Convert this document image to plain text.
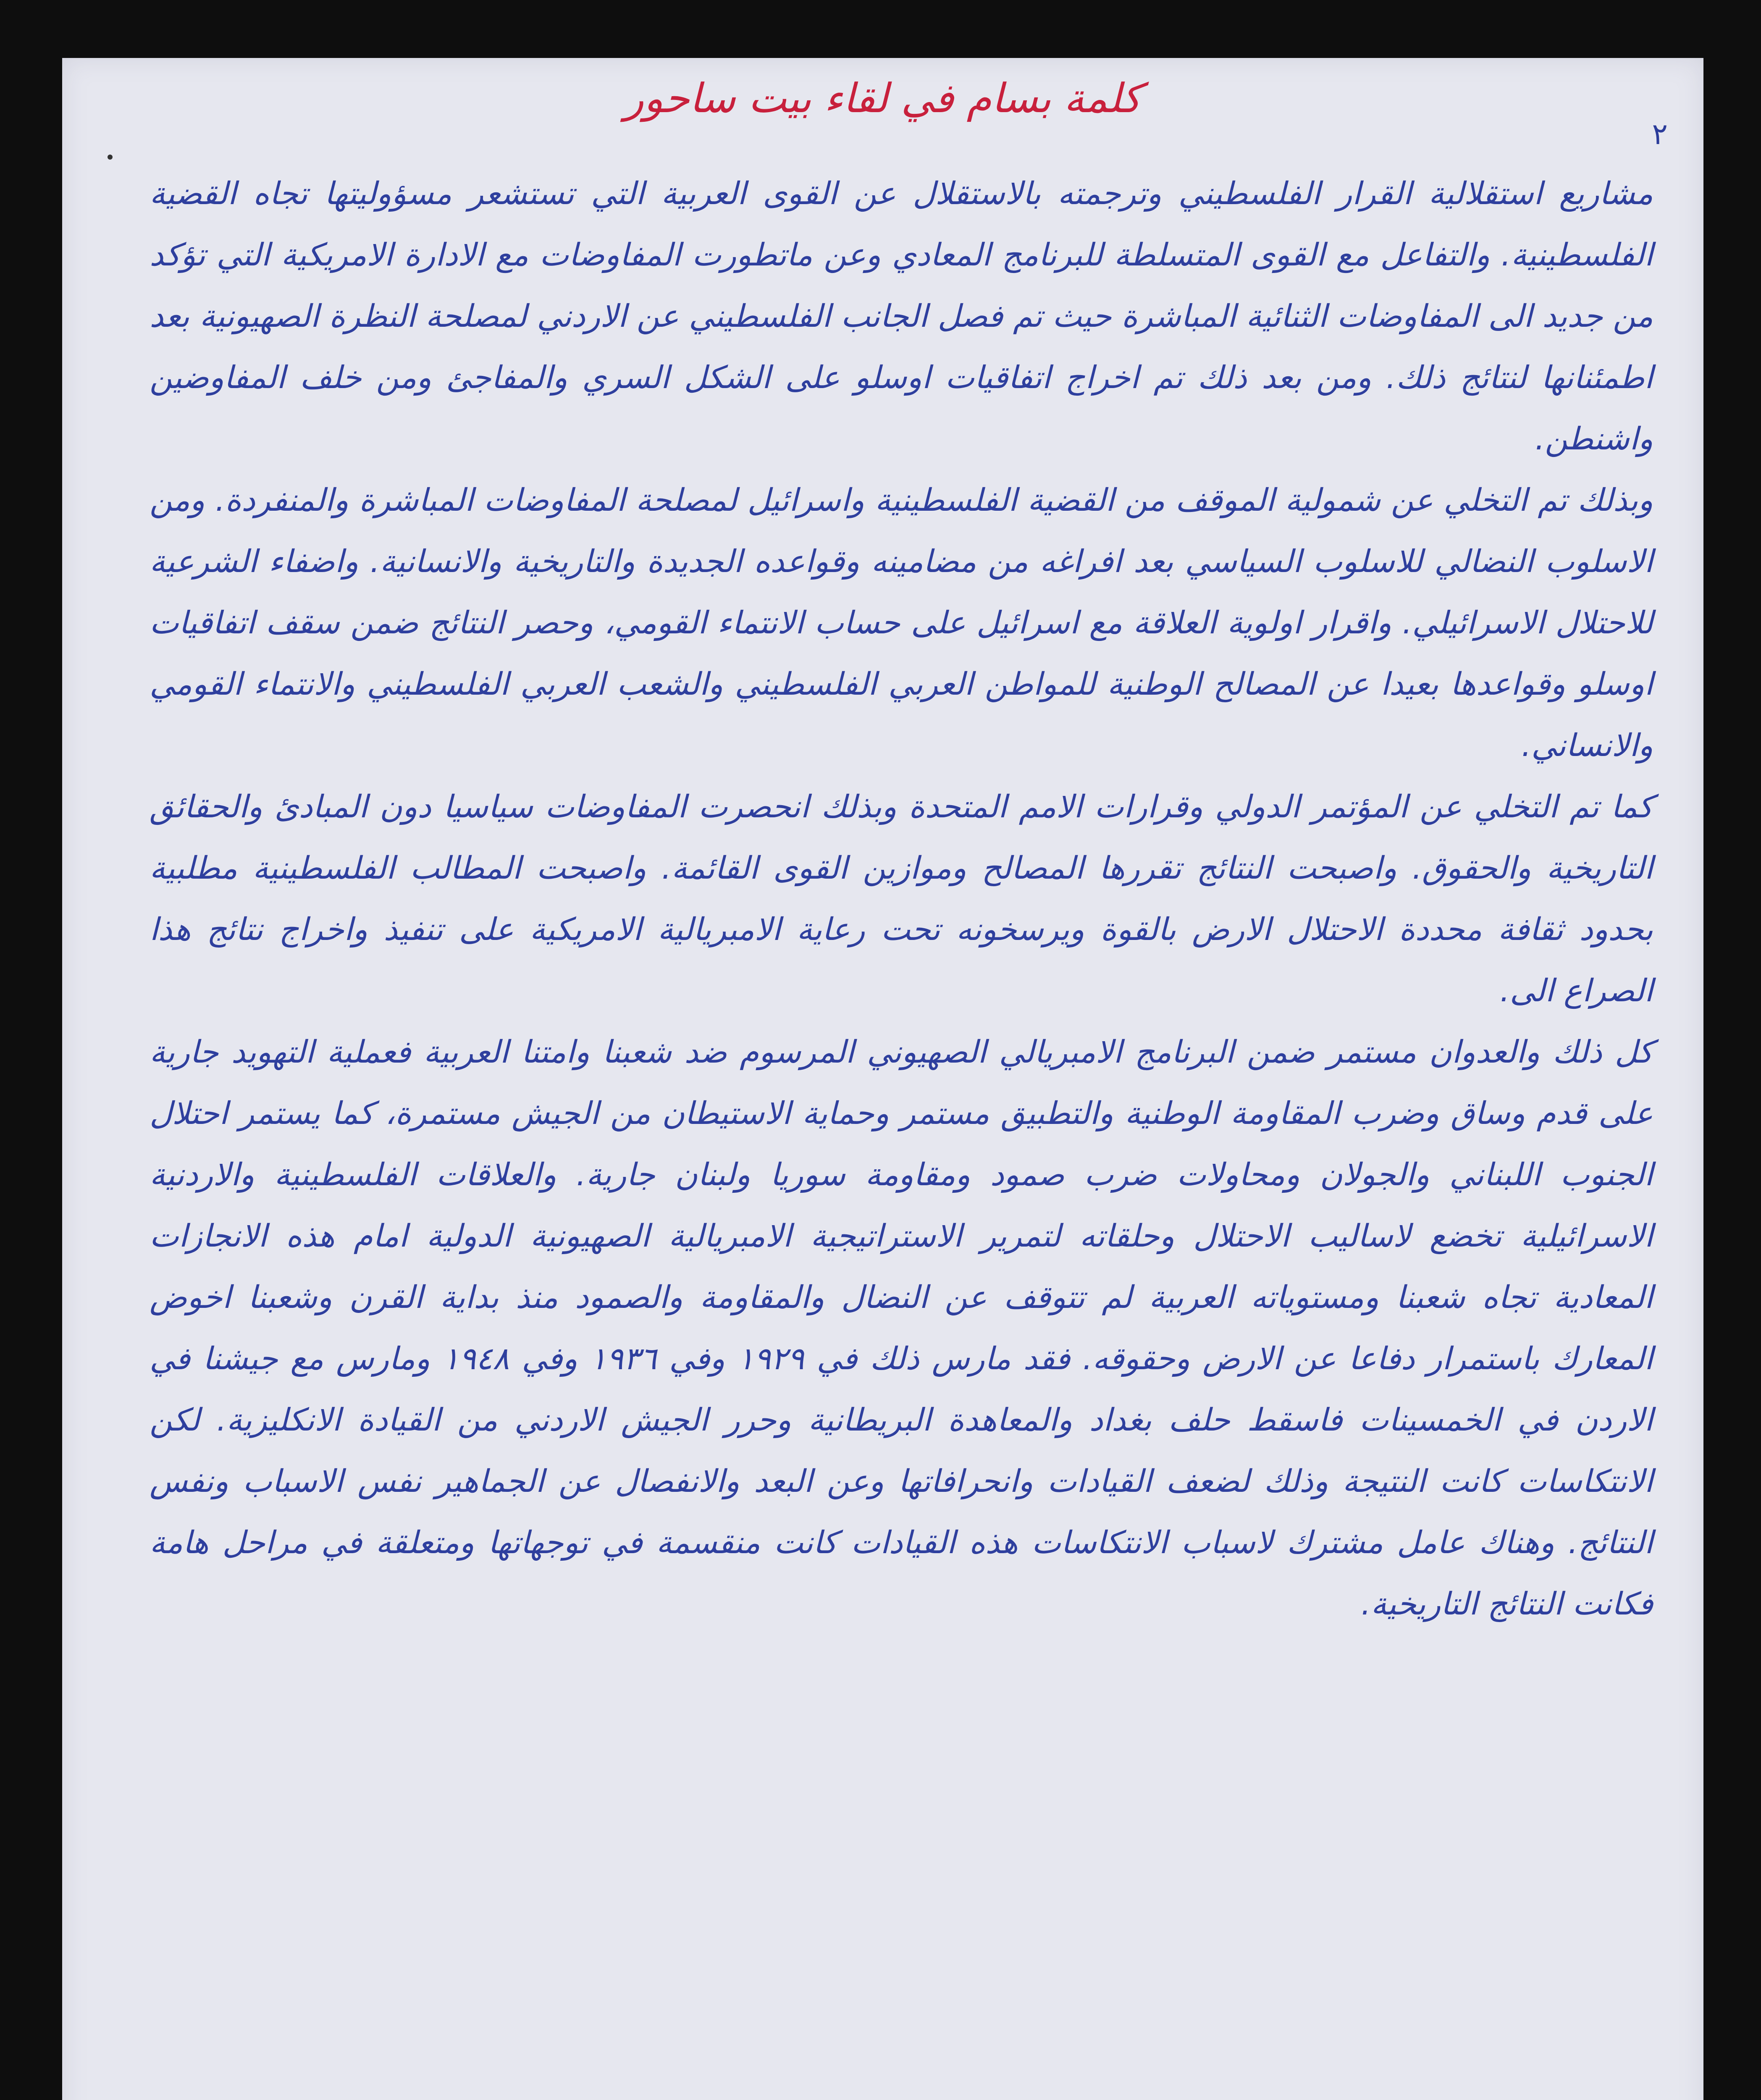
كلمة بسام في لقاء بيت ساحور
٢

مشاريع استقلالية القرار الفلسطيني وترجمته بالاستقلال عن القوى العربية التي تستشعر مسؤوليتها تجاه القضية الفلسطينية. والتفاعل مع القوى المتسلطة للبرنامج المعادي وعن ماتطورت المفاوضات مع الادارة الامريكية التي تؤكد من جديد الى المفاوضات الثنائية المباشرة حيث تم فصل الجانب الفلسطيني عن الاردني لمصلحة النظرة الصهيونية بعد اطمئنانها لنتائج ذلك. ومن بعد ذلك تم اخراج اتفاقيات اوسلو على الشكل السري والمفاجئ ومن خلف المفاوضين واشنطن.

وبذلك تم التخلي عن شمولية الموقف من القضية الفلسطينية واسرائيل لمصلحة المفاوضات المباشرة والمنفردة. ومن الاسلوب النضالي للاسلوب السياسي بعد افراغه من مضامينه وقواعده الجديدة والتاريخية والانسانية. واضفاء الشرعية للاحتلال الاسرائيلي. واقرار اولوية العلاقة مع اسرائيل على حساب الانتماء القومي، وحصر النتائج ضمن سقف اتفاقيات اوسلو وقواعدها بعيدا عن المصالح الوطنية للمواطن العربي الفلسطيني والشعب العربي الفلسطيني والانتماء القومي والانساني.

كما تم التخلي عن المؤتمر الدولي وقرارات الامم المتحدة وبذلك انحصرت المفاوضات سياسيا دون المبادئ والحقائق التاريخية والحقوق. واصبحت النتائج تقررها المصالح وموازين القوى القائمة. واصبحت المطالب الفلسطينية مطلبية بحدود ثقافة محددة الاحتلال الارض بالقوة ويرسخونه تحت رعاية الامبريالية الامريكية على تنفيذ واخراج نتائج هذا الصراع الى.

كل ذلك والعدوان مستمر ضمن البرنامج الامبريالي الصهيوني المرسوم ضد شعبنا وامتنا العربية فعملية التهويد جارية على قدم وساق وضرب المقاومة الوطنية والتطبيق مستمر وحماية الاستيطان من الجيش مستمرة، كما يستمر احتلال الجنوب اللبناني والجولان ومحاولات ضرب صمود ومقاومة سوريا ولبنان جارية. والعلاقات الفلسطينية والاردنية الاسرائيلية تخضع لاساليب الاحتلال وحلقاته لتمرير الاستراتيجية الامبريالية الصهيونية الدولية امام هذه الانجازات المعادية تجاه شعبنا ومستوياته العربية لم تتوقف عن النضال والمقاومة والصمود منذ بداية القرن وشعبنا اخوض المعارك باستمرار دفاعا عن الارض وحقوقه. فقد مارس ذلك في ١٩٢٩ وفي ١٩٣٦ وفي ١٩٤٨ ومارس مع جيشنا في الاردن في الخمسينات فاسقط حلف بغداد والمعاهدة البريطانية وحرر الجيش الاردني من القيادة الانكليزية. لكن الانتكاسات كانت النتيجة وذلك لضعف القيادات وانحرافاتها وعن البعد والانفصال عن الجماهير نفس الاسباب ونفس النتائج. وهناك عامل مشترك لاسباب الانتكاسات هذه القيادات كانت منقسمة في توجهاتها ومتعلقة في مراحل هامة فكانت النتائج التاريخية.
